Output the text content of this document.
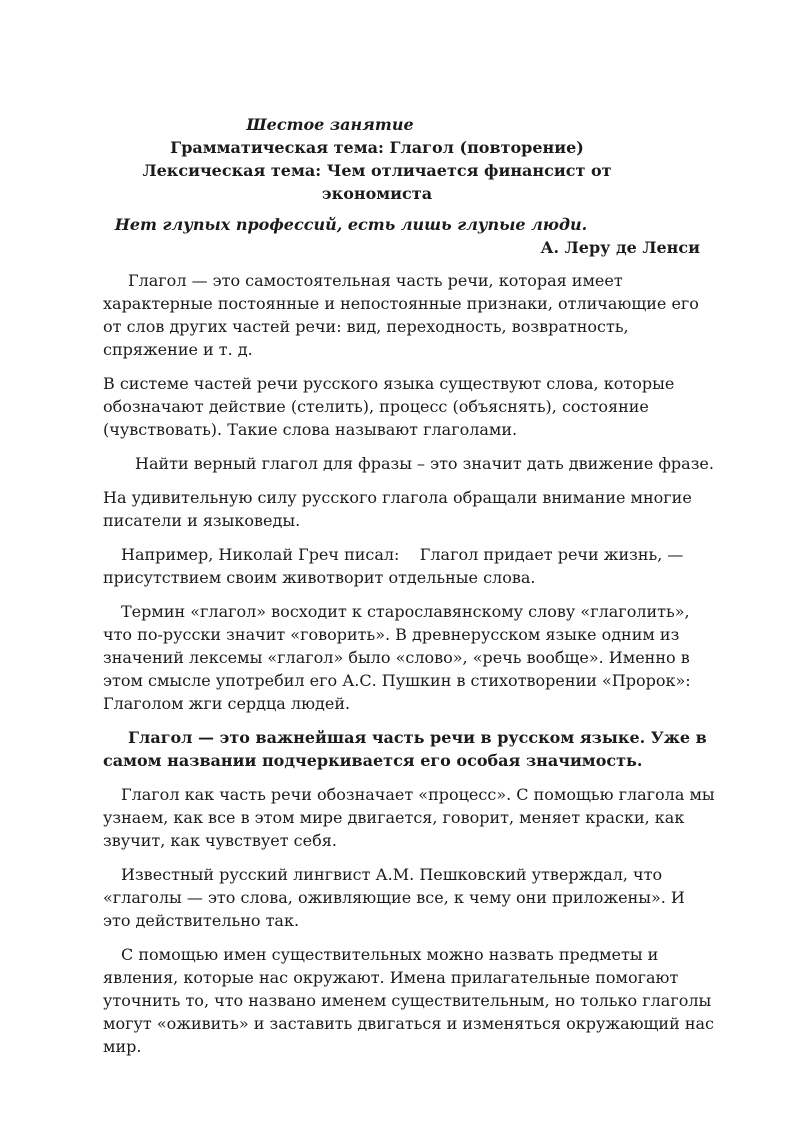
Шестое занятие

Грамматическая тема: Глагол (повторение)

Лексическая тема: Чем отличается финансист от экономиста

Нет глупых профессий, есть лишь глупые люди.

А. Леру де Ленси

Глагол — это самостоятельная часть речи, которая имеет характерные постоянные и непостоянные признаки, отличающие его от слов других частей речи: вид, переходность, возвратность, спряжение и т. д.

В системе частей речи русского языка существуют слова, которые обозначают действие (стелить), процесс (объяснять), состояние (чувствовать). Такие слова называют глаголами.

Найти верный глагол для фразы – это значит дать движение фразе.

На удивительную силу русского глагола обращали внимание многие писатели и языковеды.

Например, Николай Греч писал:    Глагол придает речи жизнь, — присутствием своим животворит отдельные слова.

Термин «глагол» восходит к старославянскому слову «глаголить», что по-русски значит «говорить». В древнерусском языке одним из значений лексемы «глагол» было «слово», «речь вообще». Именно в этом смысле употребил его А.С. Пушкин в стихотворении «Пророк»:    Глаголом жги сердца людей.

Глагол — это важнейшая часть речи в русском языке. Уже в самом названии подчеркивается его особая значимость.

Глагол как часть речи обозначает «процесс». С помощью глагола мы узнаем, как все в этом мире двигается, говорит, меняет краски, как звучит, как чувствует себя.

Известный русский лингвист А.М. Пешковский утверждал, что «глаголы — это слова, оживляющие все, к чему они приложены». И это действительно так.

С помощью имен существительных можно назвать предметы и явления, которые нас окружают. Имена прилагательные помогают уточнить то, что названо именем существительным, но только глаголы могут «оживить» и заставить двигаться и изменяться окружающий нас мир.
